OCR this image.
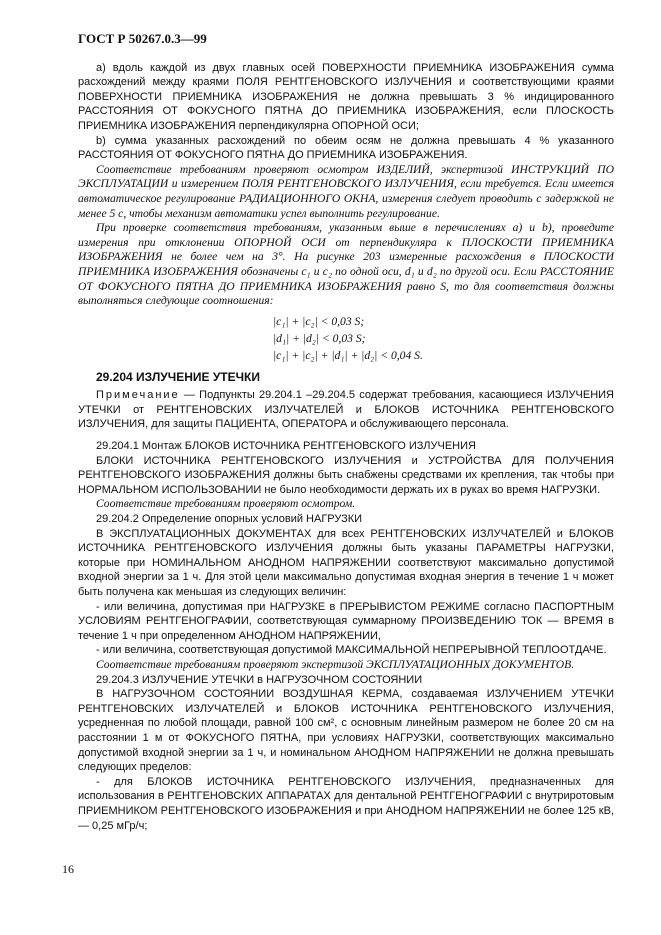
ГОСТ Р 50267.0.3—99

а) вдоль каждой из двух главных осей ПОВЕРХНОСТИ ПРИЕМНИКА ИЗОБРАЖЕНИЯ сумма расхождений между краями ПОЛЯ РЕНТГЕНОВСКОГО ИЗЛУЧЕНИЯ и соответствующими краями ПОВЕРХНОСТИ ПРИЕМНИКА ИЗОБРАЖЕНИЯ не должна превышать 3 % индицированного РАССТОЯНИЯ ОТ ФОКУСНОГО ПЯТНА ДО ПРИЕМНИКА ИЗОБРАЖЕНИЯ, если ПЛОСКОСТЬ ПРИЕМНИКА ИЗОБРАЖЕНИЯ перпендикулярна ОПОРНОЙ ОСИ;

b) сумма указанных расхождений по обеим осям не должна превышать 4 % указанного РАССТОЯНИЯ ОТ ФОКУСНОГО ПЯТНА ДО ПРИЕМНИКА ИЗОБРАЖЕНИЯ.

Соответствие требованиям проверяют осмотром ИЗДЕЛИЙ, экспертизой ИНСТРУКЦИЙ ПО ЭКСПЛУАТАЦИИ и измерением ПОЛЯ РЕНТГЕНОВСКОГО ИЗЛУЧЕНИЯ, если требуется. Если имеется автоматическое регулирование РАДИАЦИОННОГО ОКНА, измерения следует проводить с задержкой не менее 5 с, чтобы механизм автоматики успел выполнить регулирование.

При проверке соответствия требованиям, указанным выше в перечислениях а) и b), проведите измерения при отклонении ОПОРНОЙ ОСИ от перпендикуляра к ПЛОСКОСТИ ПРИЕМНИКА ИЗОБРАЖЕНИЯ не более чем на 3°. На рисунке 203 измеренные расхождения в ПЛОСКОСТИ ПРИЕМНИКА ИЗОБРАЖЕНИЯ обозначены c₁ и c₂ по одной оси, d₁ и d₂ по другой оси. Если РАССТОЯНИЕ ОТ ФОКУСНОГО ПЯТНА ДО ПРИЕМНИКА ИЗОБРАЖЕНИЯ равно S, то для соответствия должны выполняться следующие соотношения:

|c₁| + |c₂| < 0,03 S;
|d₁| + |d₂| < 0,03 S;
|c₁| + |c₂| + |d₁| + |d₂| < 0,04 S.
29.204 ИЗЛУЧЕНИЕ УТЕЧКИ

Примечание — Подпункты 29.204.1 –29.204.5 содержат требования, касающиеся ИЗЛУЧЕНИЯ УТЕЧКИ от РЕНТГЕНОВСКИХ ИЗЛУЧАТЕЛЕЙ и БЛОКОВ ИСТОЧНИКА РЕНТГЕНОВСКОГО ИЗЛУЧЕНИЯ, для защиты ПАЦИЕНТА, ОПЕРАТОРА и обслуживающего персонала.

29.204.1 Монтаж БЛОКОВ ИСТОЧНИКА РЕНТГЕНОВСКОГО ИЗЛУЧЕНИЯ

БЛОКИ ИСТОЧНИКА РЕНТГЕНОВСКОГО ИЗЛУЧЕНИЯ и УСТРОЙСТВА ДЛЯ ПОЛУЧЕНИЯ РЕНТГЕНОВСКОГО ИЗОБРАЖЕНИЯ должны быть снабжены средствами их крепления, так чтобы при НОРМАЛЬНОМ ИСПОЛЬЗОВАНИИ не было необходимости держать их в руках во время НАГРУЗКИ.

Соответствие требованиям проверяют осмотром.

29.204.2 Определение опорных условий НАГРУЗКИ

В ЭКСПЛУАТАЦИОННЫХ ДОКУМЕНТАХ для всех РЕНТГЕНОВСКИХ ИЗЛУЧАТЕЛЕЙ и БЛОКОВ ИСТОЧНИКА РЕНТГЕНОВСКОГО ИЗЛУЧЕНИЯ должны быть указаны ПАРАМЕТРЫ НАГРУЗКИ, которые при НОМИНАЛЬНОМ АНОДНОМ НАПРЯЖЕНИИ соответствуют максимально допустимой входной энергии за 1 ч. Для этой цели максимально допустимая входная энергия в течение 1 ч может быть получена как меньшая из следующих величин:

- или величина, допустимая при НАГРУЗКЕ в ПРЕРЫВИСТОМ РЕЖИМЕ согласно ПАСПОРТНЫМ УСЛОВИЯМ РЕНТГЕНОГРАФИИ, соответствующая суммарному ПРОИЗВЕДЕНИЮ ТОК — ВРЕМЯ в течение 1 ч при определенном АНОДНОМ НАПРЯЖЕНИИ,

- или величина, соответствующая допустимой МАКСИМАЛЬНОЙ НЕПРЕРЫВНОЙ ТЕПЛООТДАЧЕ.

Соответствие требованиям проверяют экспертизой ЭКСПЛУАТАЦИОННЫХ ДОКУМЕНТОВ.

29.204.3 ИЗЛУЧЕНИЕ УТЕЧКИ в НАГРУЗОЧНОМ СОСТОЯНИИ

В НАГРУЗОЧНОМ СОСТОЯНИИ ВОЗДУШНАЯ КЕРМА, создаваемая ИЗЛУЧЕНИЕМ УТЕЧКИ РЕНТГЕНОВСКИХ ИЗЛУЧАТЕЛЕЙ и БЛОКОВ ИСТОЧНИКА РЕНТГЕНОВСКОГО ИЗЛУЧЕНИЯ, усредненная по любой площади, равной 100 см², с основным линейным размером не более 20 см на расстоянии 1 м от ФОКУСНОГО ПЯТНА, при условиях НАГРУЗКИ, соответствующих максимально допустимой входной энергии за 1 ч, и номинальном АНОДНОМ НАПРЯЖЕНИИ не должна превышать следующих пределов:

- для БЛОКОВ ИСТОЧНИКА РЕНТГЕНОВСКОГО ИЗЛУЧЕНИЯ, предназначенных для использования в РЕНТГЕНОВСКИХ АППАРАТАХ для дентальной РЕНТГЕНОГРАФИИ с внутриротовым ПРИЕМНИКОМ РЕНТГЕНОВСКОГО ИЗОБРАЖЕНИЯ и при АНОДНОМ НАПРЯЖЕНИИ не более 125 кВ, — 0,25 мГр/ч;

16
